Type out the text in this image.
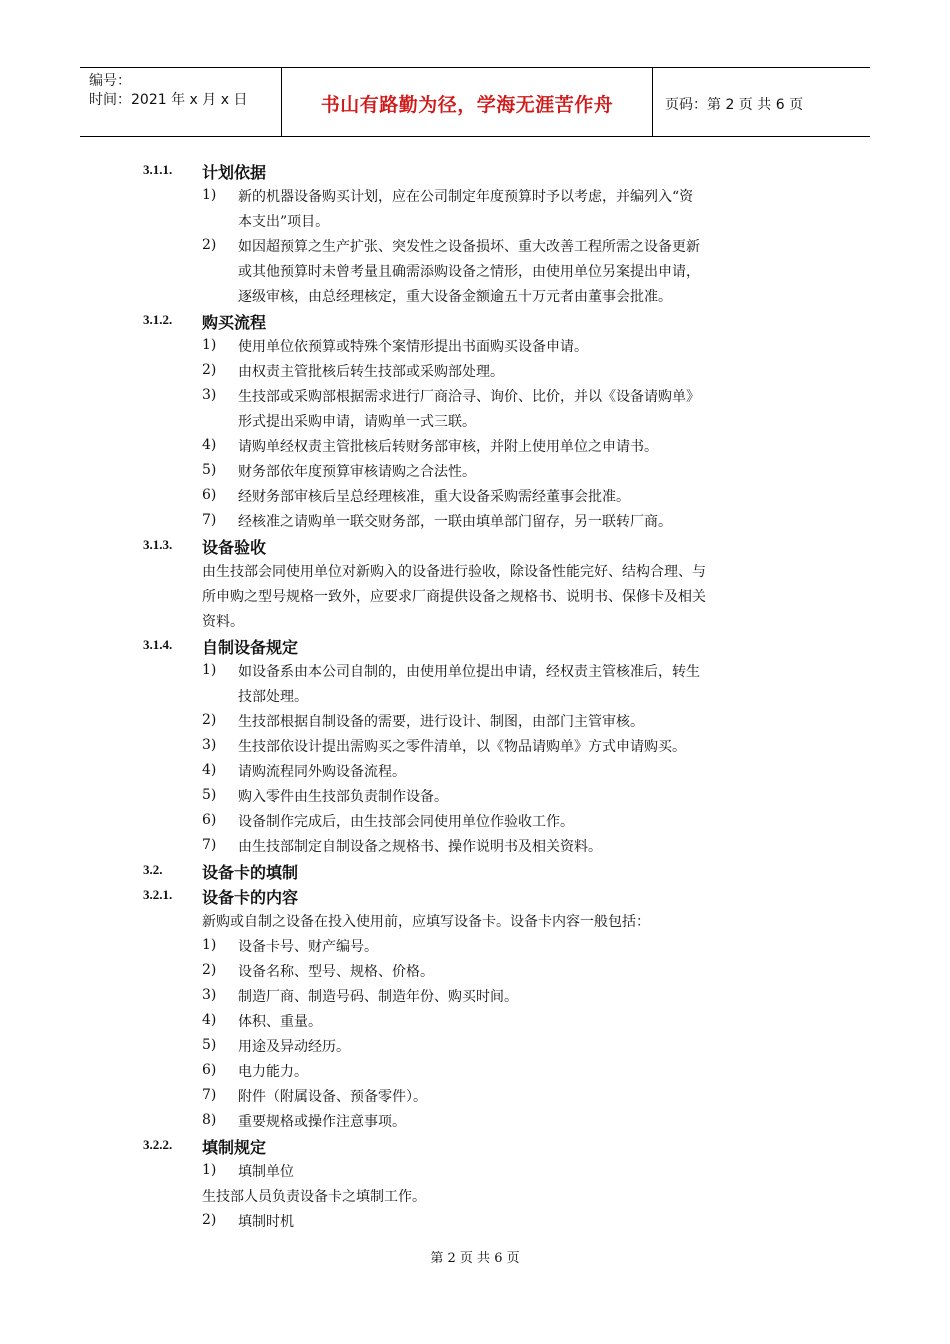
编号：
时间：2021 年 x 月 x 日	书山有路勤为径，学海无涯苦作舟	页码：第 2 页 共 6 页
3.1.1. 计划依据
1) 新的机器设备购买计划，应在公司制定年度预算时予以考虑，并编列入“资
本支出”项目。
2) 如因超预算之生产扩张、突发性之设备损坏、重大改善工程所需之设备更新
或其他预算时未曾考量且确需添购设备之情形，由使用单位另案提出申请，
逐级审核，由总经理核定，重大设备金额逾五十万元者由董事会批准。
3.1.2. 购买流程
1) 使用单位依预算或特殊个案情形提出书面购买设备申请。
2) 由权责主管批核后转生技部或采购部处理。
3) 生技部或采购部根据需求进行厂商洽寻、询价、比价，并以《设备请购单》
形式提出采购申请，请购单一式三联。
4) 请购单经权责主管批核后转财务部审核，并附上使用单位之申请书。
5) 财务部依年度预算审核请购之合法性。
6) 经财务部审核后呈总经理核准，重大设备采购需经董事会批准。
7) 经核准之请购单一联交财务部，一联由填单部门留存，另一联转厂商。
3.1.3. 设备验收
由生技部会同使用单位对新购入的设备进行验收，除设备性能完好、结构合理、与
所申购之型号规格一致外，应要求厂商提供设备之规格书、说明书、保修卡及相关
资料。
3.1.4. 自制设备规定
1) 如设备系由本公司自制的，由使用单位提出申请，经权责主管核准后，转生
技部处理。
2) 生技部根据自制设备的需要，进行设计、制图，由部门主管审核。
3) 生技部依设计提出需购买之零件清单，以《物品请购单》方式申请购买。
4) 请购流程同外购设备流程。
5) 购入零件由生技部负责制作设备。
6) 设备制作完成后，由生技部会同使用单位作验收工作。
7) 由生技部制定自制设备之规格书、操作说明书及相关资料。
3.2. 设备卡的填制
3.2.1. 设备卡的内容
新购或自制之设备在投入使用前，应填写设备卡。设备卡内容一般包括：
1) 设备卡号、财产编号。
2) 设备名称、型号、规格、价格。
3) 制造厂商、制造号码、制造年份、购买时间。
4) 体积、重量。
5) 用途及异动经历。
6) 电力能力。
7) 附件（附属设备、预备零件）。
8) 重要规格或操作注意事项。
3.2.2. 填制规定
1) 填制单位
生技部人员负责设备卡之填制工作。
2) 填制时机
第 2 页 共 6 页
